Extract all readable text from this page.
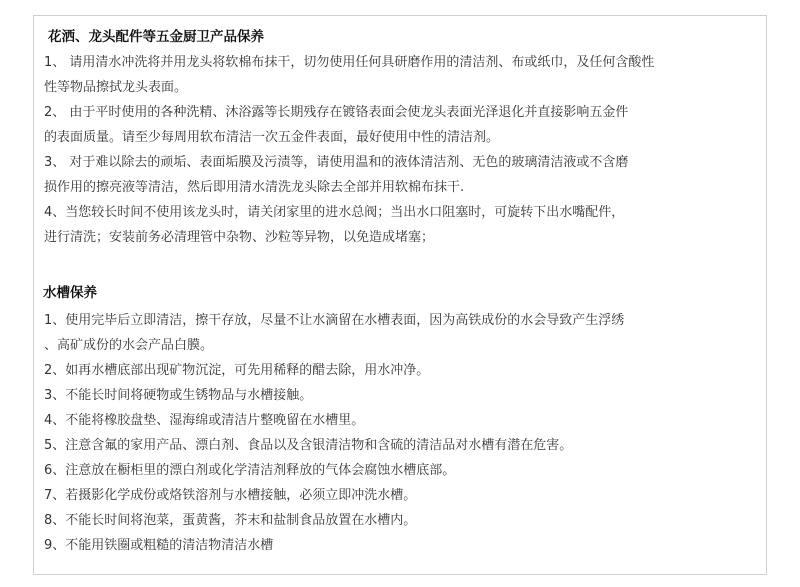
花洒、龙头配件等五金厨卫产品保养
1、 请用清水冲洗将并用龙头将软棉布抹干，切勿使用任何具研磨作用的清洁剂、布或纸巾，及任何含酸性
性等物品擦拭龙头表面。
2、 由于平时使用的各种洗精、沐浴露等长期残存在镀铬表面会使龙头表面光泽退化并直接影响五金件
的表面质量。请至少每周用软布清洁一次五金件表面，最好使用中性的清洁剂。
3、 对于难以除去的顽垢、表面垢膜及污渍等，请使用温和的液体清洁剂、无色的玻璃清洁液或不含磨
损作用的擦亮液等清洁，然后即用清水清洗龙头除去全部并用软棉布抹干.
4、当您较长时间不使用该龙头时，请关闭家里的进水总阀；当出水口阻塞时，可旋转下出水嘴配件，
进行清洗；安装前务必清理管中杂物、沙粒等异物，以免造成堵塞；
水槽保养
1、使用完毕后立即清洁，擦干存放，尽量不让水滴留在水槽表面，因为高铁成份的水会导致产生浮绣
、高矿成份的水会产品白膜。
2、如再水槽底部出现矿物沉淀，可先用稀释的醋去除，用水冲净。
3、不能长时间将硬物或生锈物品与水槽接触。
4、不能将橡胶盘垫、湿海绵或清洁片整晚留在水槽里。
5、注意含氟的家用产品、漂白剂、食品以及含银清洁物和含硫的清洁品对水槽有潜在危害。
6、注意放在橱柜里的漂白剂或化学清洁剂释放的气体会腐蚀水槽底部。
7、若摄影化学成份或烙铁溶剂与水槽接触，必须立即冲洗水槽。
8、不能长时间将泡菜，蛋黄酱，芥末和盐制食品放置在水槽内。
9、不能用铁圈或粗糙的清洁物清洁水槽
